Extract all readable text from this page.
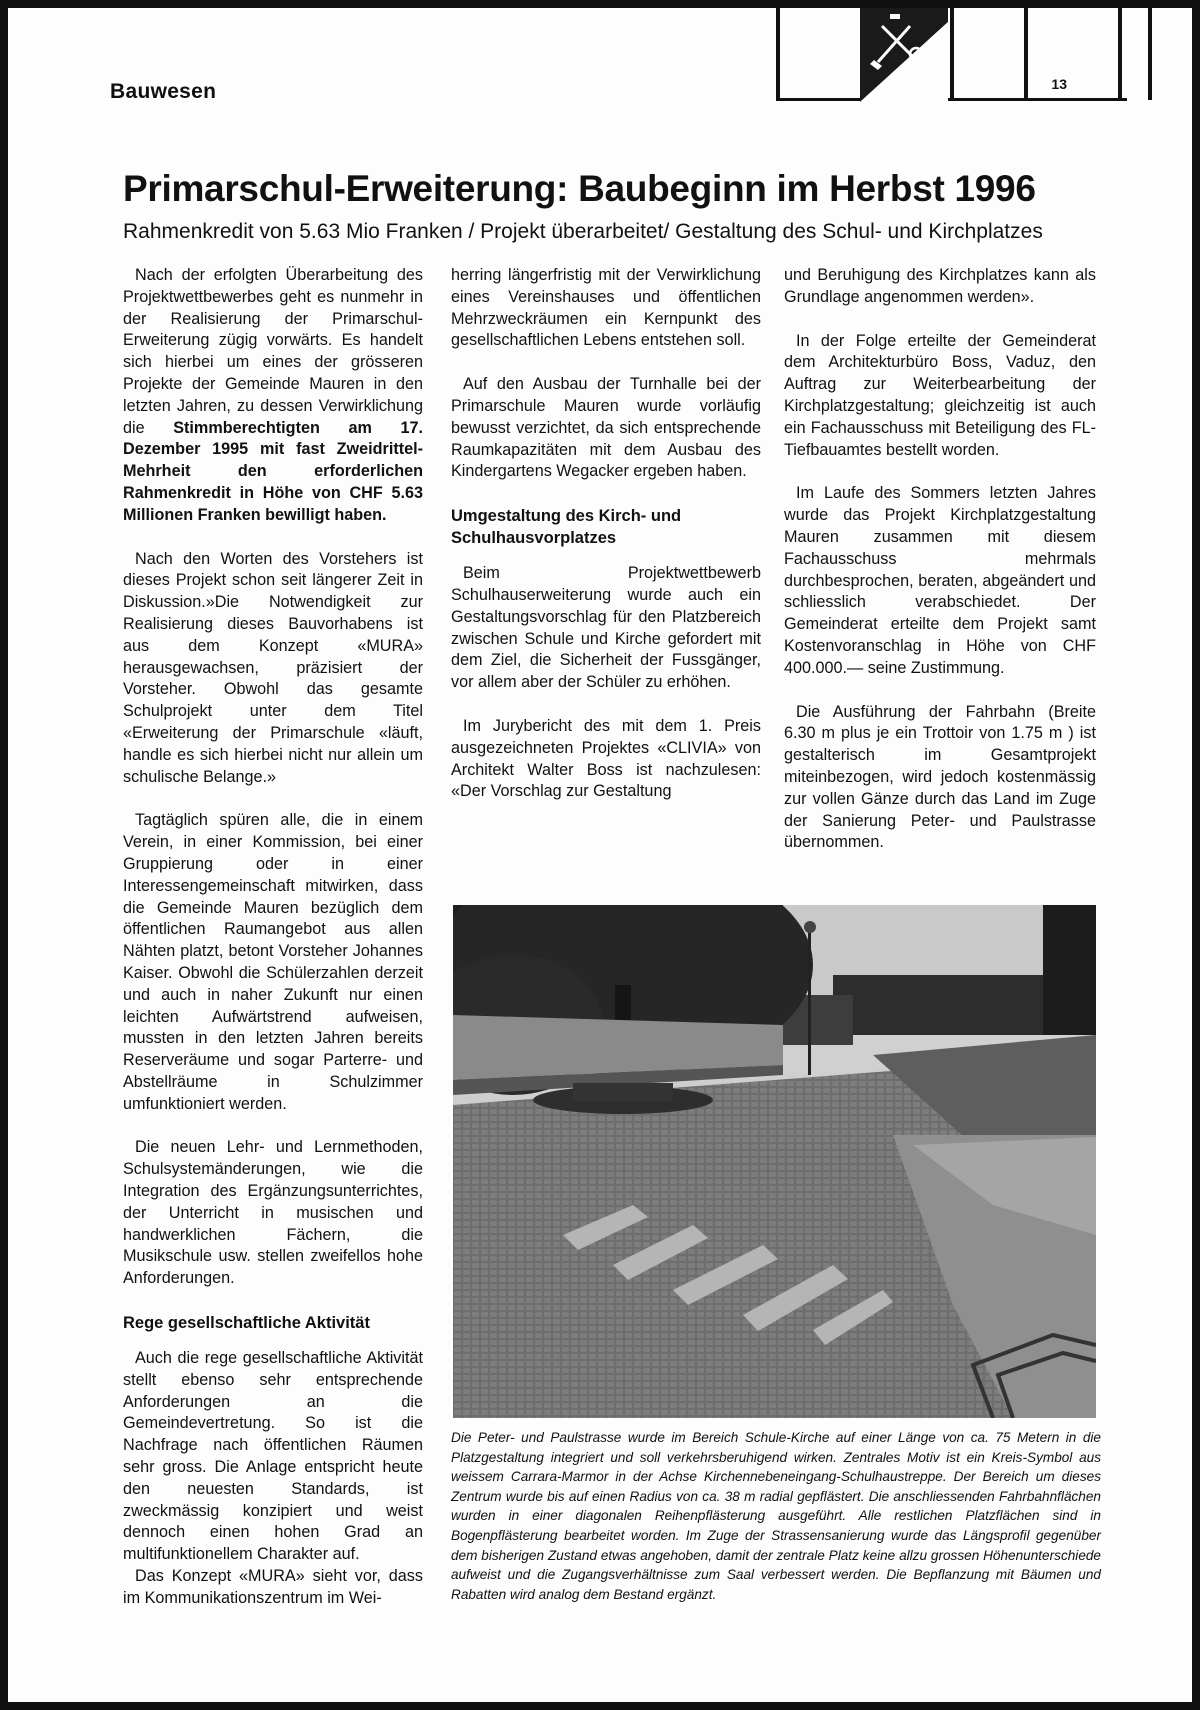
Bauwesen	13
Primarschul-Erweiterung: Baubeginn im Herbst 1996
Rahmenkredit von 5.63 Mio Franken / Projekt überarbeitet/ Gestaltung des Schul- und Kirchplatzes

Nach der erfolgten Überarbeitung des Projektwettbewerbes geht es nunmehr in der Realisierung der Primarschul-Erweiterung zügig vorwärts. Es handelt sich hierbei um eines der grösseren Projekte der Gemeinde Mauren in den letzten Jahren, zu dessen Verwirklichung die Stimmberechtigten am 17. Dezember 1995 mit fast Zweidrittel-Mehrheit den erforderlichen Rahmenkredit in Höhe von CHF 5.63 Millionen Franken bewilligt haben.

Nach den Worten des Vorstehers ist dieses Projekt schon seit längerer Zeit in Diskussion.»Die Notwendigkeit zur Realisierung dieses Bauvorhabens ist aus dem Konzept «MURA» herausgewachsen, präzisiert der Vorsteher. Obwohl das gesamte Schulprojekt unter dem Titel «Erweiterung der Primarschule «läuft, handle es sich hierbei nicht nur allein um schulische Belange.»

Tagtäglich spüren alle, die in einem Verein, in einer Kommission, bei einer Gruppierung oder in einer Interessengemeinschaft mitwirken, dass die Gemeinde Mauren bezüglich dem öffentlichen Raumangebot aus allen Nähten platzt, betont Vorsteher Johannes Kaiser. Obwohl die Schülerzahlen derzeit und auch in naher Zukunft nur einen leichten Aufwärtstrend aufweisen, mussten in den letzten Jahren bereits Reserveräume und sogar Parterre- und Abstellräume in Schulzimmer umfunktioniert werden.

Die neuen Lehr- und Lernmethoden, Schulsystemänderungen, wie die Integration des Ergänzungsunterrichtes, der Unterricht in musischen und handwerklichen Fächern, die Musikschule usw. stellen zweifellos hohe Anforderungen.

Rege gesellschaftliche Aktivität

Auch die rege gesellschaftliche Aktivität stellt ebenso sehr entsprechende Anforderungen an die Gemeindevertretung. So ist die Nachfrage nach öffentlichen Räumen sehr gross. Die Anlage entspricht heute den neuesten Standards, ist zweckmässig konzipiert und weist dennoch einen hohen Grad an multifunktionellem Charakter auf.

Das Konzept «MURA» sieht vor, dass im Kommunikationszentrum im Wei-

herring längerfristig mit der Verwirklichung eines Vereinshauses und öffentlichen Mehrzweckräumen ein Kernpunkt des gesellschaftlichen Lebens entstehen soll.

Auf den Ausbau der Turnhalle bei der Primarschule Mauren wurde vorläufig bewusst verzichtet, da sich entsprechende Raumkapazitäten mit dem Ausbau des Kindergartens Wegacker ergeben haben.

Umgestaltung des Kirch- und Schulhausvorplatzes

Beim Projektwettbewerb Schulhauserweiterung wurde auch ein Gestaltungsvorschlag für den Platzbereich zwischen Schule und Kirche gefordert mit dem Ziel, die Sicherheit der Fussgänger, vor allem aber der Schüler zu erhöhen.

Im Jurybericht des mit dem 1. Preis ausgezeichneten Projektes «CLIVIA» von Architekt Walter Boss ist nachzulesen: «Der Vorschlag zur Gestaltung

und Beruhigung des Kirchplatzes kann als Grundlage angenommen werden».

In der Folge erteilte der Gemeinderat dem Architekturbüro Boss, Vaduz, den Auftrag zur Weiterbearbeitung der Kirchplatzgestaltung; gleichzeitig ist auch ein Fachausschuss mit Beteiligung des FL-Tiefbauamtes bestellt worden.

Im Laufe des Sommers letzten Jahres wurde das Projekt Kirchplatzgestaltung Mauren zusammen mit diesem Fachausschuss mehrmals durchbesprochen, beraten, abgeändert und schliesslich verabschiedet. Der Gemeinderat erteilte dem Projekt samt Kostenvoranschlag in Höhe von CHF 400.000.— seine Zustimmung.

Die Ausführung der Fahrbahn (Breite 6.30 m plus je ein Trottoir von 1.75 m ) ist gestalterisch im Gesamtprojekt miteinbezogen, wird jedoch kostenmässig zur vollen Gänze durch das Land im Zuge der Sanierung Peter- und Paulstrasse übernommen.

Die Peter- und Paulstrasse wurde im Bereich Schule-Kirche auf einer Länge von ca. 75 Metern in die Platzgestaltung integriert und soll verkehrsberuhigend wirken. Zentrales Motiv ist ein Kreis-Symbol aus weissem Carrara-Marmor in der Achse Kirchennebeneingang-Schulhaustreppe. Der Bereich um dieses Zentrum wurde bis auf einen Radius von ca. 38 m radial gepflästert. Die anschliessenden Fahrbahnflächen wurden in einer diagonalen Reihenpflästerung ausgeführt. Alle restlichen Platzflächen sind in Bogenpflästerung bearbeitet worden. Im Zuge der Strassensanierung wurde das Längsprofil gegenüber dem bisherigen Zustand etwas angehoben, damit der zentrale Platz keine allzu grossen Höhenunterschiede aufweist und die Zugangsverhältnisse zum Saal verbessert werden. Die Bepflanzung mit Bäumen und Rabatten wird analog dem Bestand ergänzt.
